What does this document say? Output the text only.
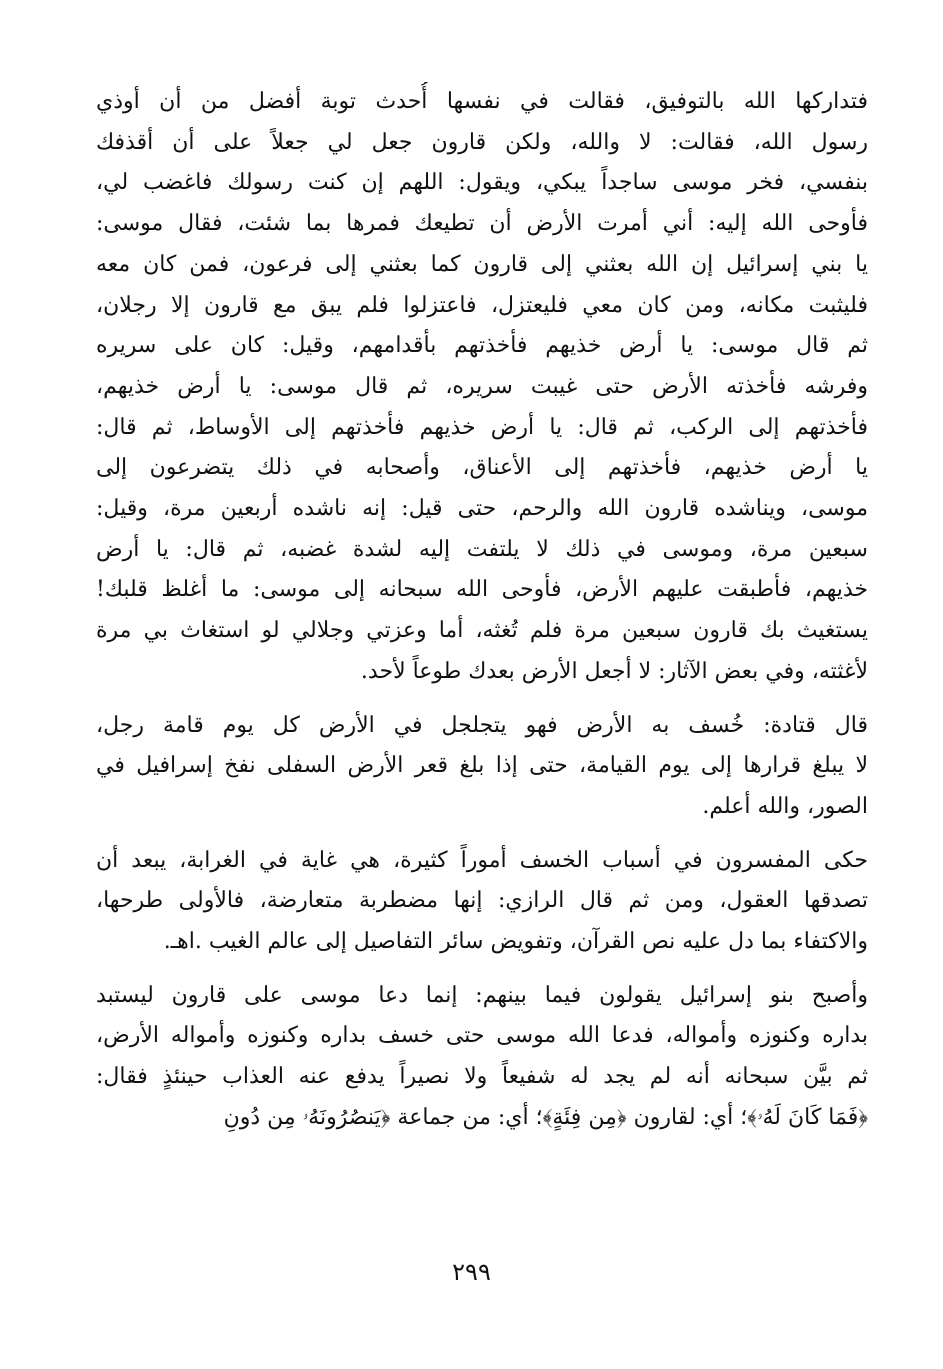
فتداركها الله بالتوفيق، فقالت في نفسها أُحدث توبة أفضل من أن أوذي
رسول الله، فقالت: لا والله، ولكن قارون جعل لي جعلاً على أن أقذفك
بنفسي، فخر موسى ساجداً يبكي، ويقول: اللهم إن كنت رسولك فاغضب لي،
فأوحى الله إليه: أني أمرت الأرض أن تطيعك فمرها بما شئت، فقال موسى:
يا بني إسرائيل إن الله بعثني إلى قارون كما بعثني إلى فرعون، فمن كان معه
فليثبت مكانه، ومن كان معي فليعتزل، فاعتزلوا فلم يبق مع قارون إلا رجلان،
ثم قال موسى: يا أرض خذيهم فأخذتهم بأقدامهم، وقيل: كان على سريره
وفرشه فأخذته الأرض حتى غيبت سريره، ثم قال موسى: يا أرض خذيهم،
فأخذتهم إلى الركب، ثم قال: يا أرض خذيهم فأخذتهم إلى الأوساط، ثم قال:
يا أرض خذيهم، فأخذتهم إلى الأعناق، وأصحابه في ذلك يتضرعون إلى
موسى، ويناشده قارون الله والرحم، حتى قيل: إنه ناشده أربعين مرة، وقيل:
سبعين مرة، وموسى في ذلك لا يلتفت إليه لشدة غضبه، ثم قال: يا أرض
خذيهم، فأطبقت عليهم الأرض، فأوحى الله سبحانه إلى موسى: ما أغلظ قلبك!
يستغيث بك قارون سبعين مرة فلم تُغثه، أما وعزتي وجلالي لو استغاث بي مرة
لأغثته، وفي بعض الآثار: لا أجعل الأرض بعدك طوعاً لأحد.
قال قتادة: خُسف به الأرض فهو يتجلجل في الأرض كل يوم قامة رجل،
لا يبلغ قرارها إلى يوم القيامة، حتى إذا بلغ قعر الأرض السفلى نفخ إسرافيل في
الصور، والله أعلم.
حكى المفسرون في أسباب الخسف أموراً كثيرة، هي غاية في الغرابة، يبعد أن
تصدقها العقول، ومن ثم قال الرازي: إنها مضطربة متعارضة، فالأولى طرحها،
والاكتفاء بما دل عليه نص القرآن، وتفويض سائر التفاصيل إلى عالم الغيب .اهـ.
وأصبح بنو إسرائيل يقولون فيما بينهم: إنما دعا موسى على قارون ليستبد
بداره وكنوزه وأمواله، فدعا الله موسى حتى خسف بداره وكنوزه وأمواله الأرض،
ثم بيَّن سبحانه أنه لم يجد له شفيعاً ولا نصيراً يدفع عنه العذاب حينئذٍ فقال:
﴿فَمَا كَانَ لَهُۥ﴾؛ أي: لقارون ﴿مِن فِئَةٍ﴾؛ أي: من جماعة ﴿يَنصُرُونَهُۥ مِن دُونِ
٢٩٩
